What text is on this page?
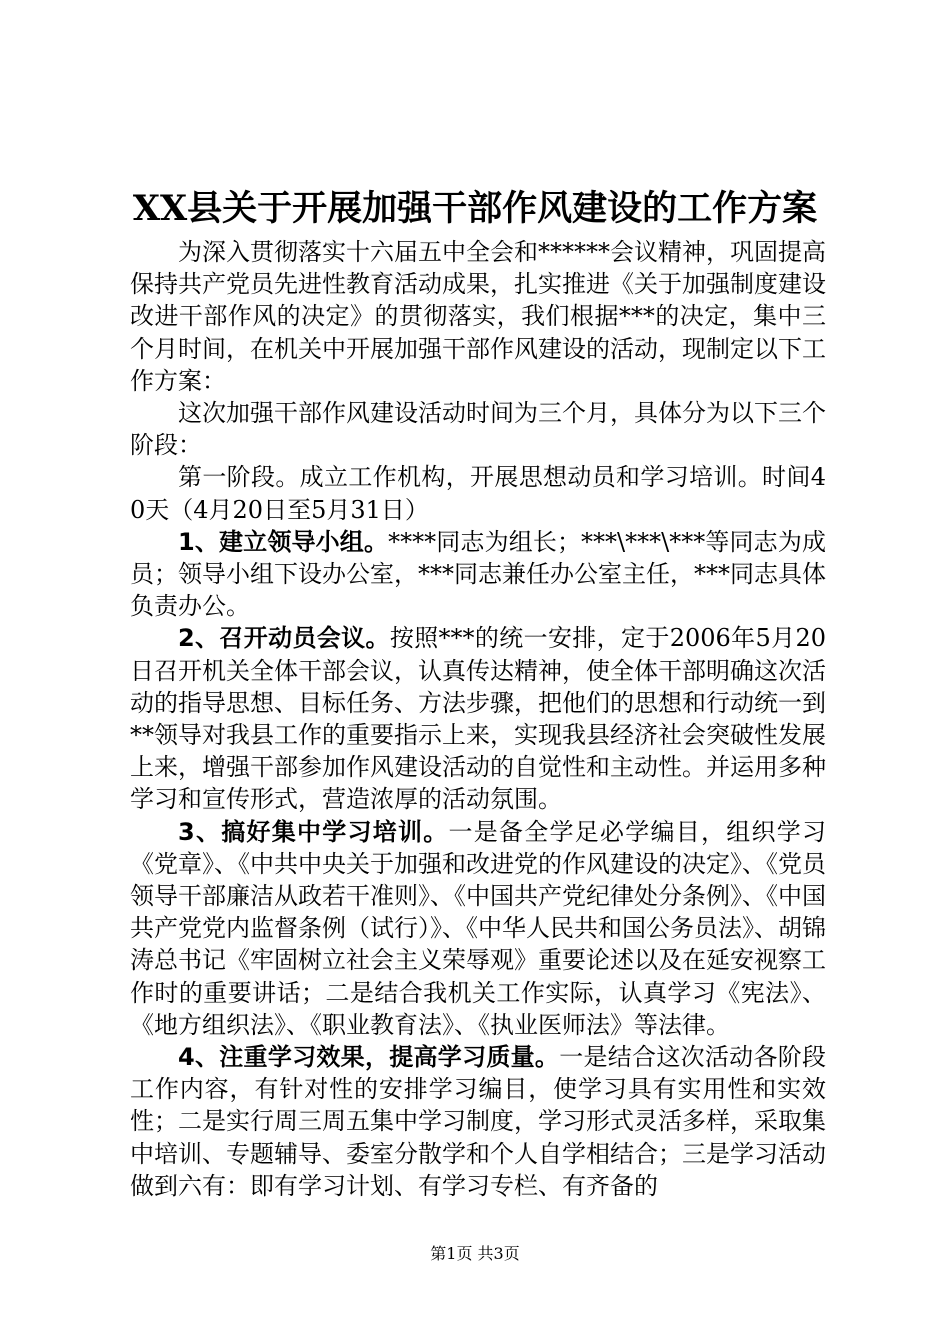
XX县关于开展加强干部作风建设的工作方案

为深入贯彻落实十六届五中全会和******会议精神，巩固提高保持共产党员先进性教育活动成果，扎实推进《关于加强制度建设改进干部作风的决定》的贯彻落实，我们根据***的决定，集中三个月时间，在机关中开展加强干部作风建设的活动，现制定以下工作方案：

这次加强干部作风建设活动时间为三个月，具体分为以下三个阶段：

第一阶段。成立工作机构，开展思想动员和学习培训。时间40天（4月20日至5月31日）

1、建立领导小组。****同志为组长；***\***\***等同志为成员；领导小组下设办公室，***同志兼任办公室主任，***同志具体负责办公。

2、召开动员会议。按照***的统一安排，定于2006年5月20日召开机关全体干部会议，认真传达精神，使全体干部明确这次活动的指导思想、目标任务、方法步骤，把他们的思想和行动统一到**领导对我县工作的重要指示上来，实现我县经济社会突破性发展上来，增强干部参加作风建设活动的自觉性和主动性。并运用多种学习和宣传形式，营造浓厚的活动氛围。

3、搞好集中学习培训。一是备全学足必学编目，组织学习《党章》、《中共中央关于加强和改进党的作风建设的决定》、《党员领导干部廉洁从政若干准则》、《中国共产党纪律处分条例》、《中国共产党党内监督条例（试行）》、《中华人民共和国公务员法》、胡锦涛总书记《牢固树立社会主义荣辱观》重要论述以及在延安视察工作时的重要讲话；二是结合我机关工作实际，认真学习《宪法》、《地方组织法》、《职业教育法》、《执业医师法》等法律。

4、注重学习效果，提高学习质量。一是结合这次活动各阶段工作内容，有针对性的安排学习编目，使学习具有实用性和实效性；二是实行周三周五集中学习制度，学习形式灵活多样，采取集中培训、专题辅导、委室分散学和个人自学相结合；三是学习活动做到六有：即有学习计划、有学习专栏、有齐备的

第1页 共3页
